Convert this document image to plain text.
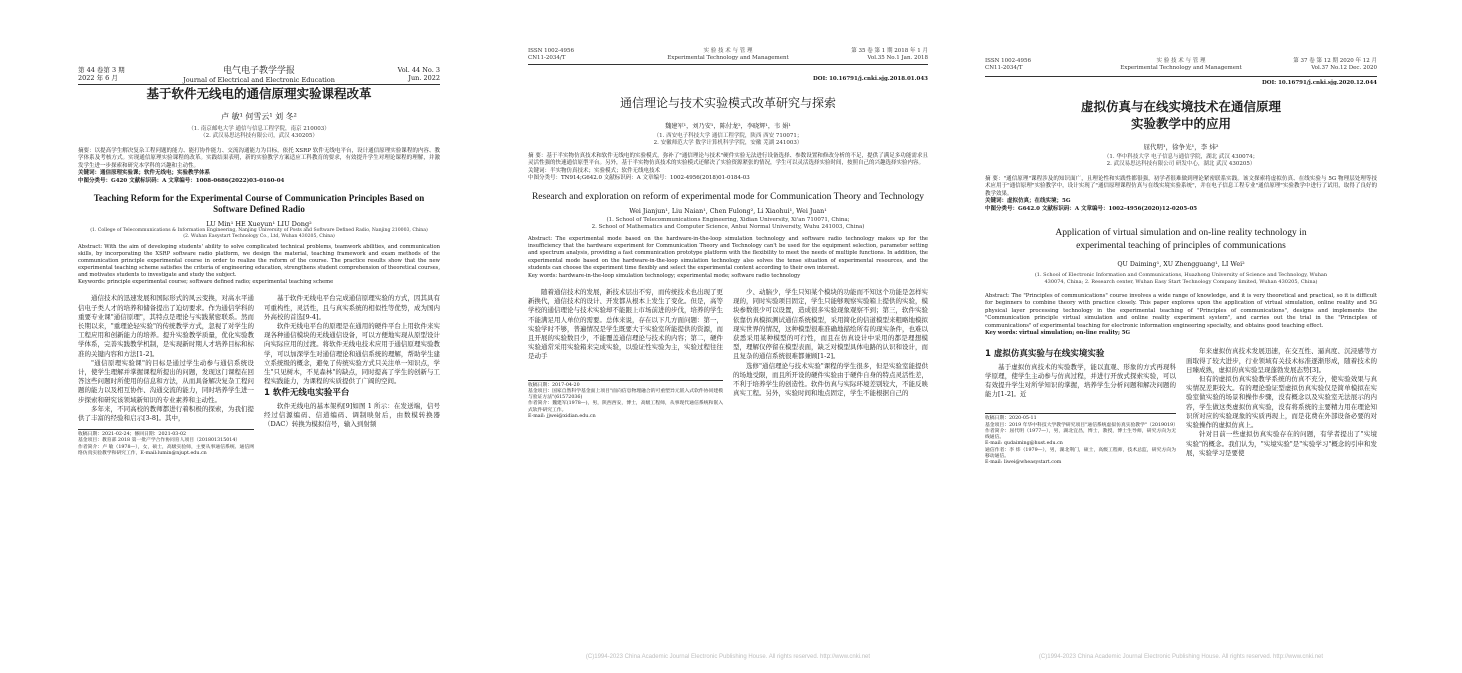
第 44 卷第 3 期
2022 年 6 月
电气电子教学学报
Journal of Electrical and Electronic Education
Vol. 44 No. 3
Jun. 2022
基于软件无线电的通信原理实验课程改革
卢 敏¹ 何雪云¹ 刘 冬²
（1. 南京邮电大学 通信与信息工程学院，南京 210003）
（2. 武汉易思达科技有限公司，武汉 430205）
摘要：以提高学生解决复杂工程问题的能力、能打协作能力、交流沟通能力为目标，依托 XSRP 软件无线电平台，设计通信原理实验课程的内容、教学体系及考核方式。实现通信原理实验课程的改革。实践结果表明，新的实验教学方案适应工科教育的要求，有效提升学生对理论课程的理解，并激发学生进一步探索和研究本学科的兴趣和主动性。
关键词：通信原理实验课；软件无线电；实验教学体系
中图分类号：G420 文献标识码：A 文章编号：1008-0686(2022)03-0160-04
Teaching Reform for the Experimental Course of Communication Principles Based on Software Defined Radio
LU Min¹ HE Xueyun¹ LIU Dong²
(1. College of Telecommunications & Information Engineering, Nanjing University of Posts and Software Defined Radio, Nanjing 210003, China)
(2. Wuhan Easystart Technology Co., Ltd, Wuhan 430205, China)
Abstract: With the aim of developing students' ability to solve complicated technical problems, teamwork abilities, and communication skills, by incorporating the XSRP software radio platform, we design the material, teaching framework and exam methods of the communication principle experimental course in order to realize the reform of the course. The practice results show that the new experimental teaching scheme satisfies the criteria of engineering education, strengthens student comprehension of theoretical courses, and motivates students to investigate and study the subject.
Keywords: principle experimental course; software defined radio; experimental teaching scheme

通信技术的迅速发展和国际形式的风云变换，对高水平通信电子类人才的培养和储备提出了迫切要求。作为通信学科的重要专业课"通信原理"，其特点是理论与实践紧密联系。然而长期以来，"重理论轻实验"的传统教学方式，忽视了对学生的工程应用和创新能力的培养。提升实验教学质量，优化实验教学体系，完善实践教学机制，是实现新时期人才培养目标和标准的关键内容和方法[1-2]。

"通信原理实验课"的目标是通过学生动参与通信系统设计，使学生理解并掌握课程所提出的问题，发现这门课程在回答这些问题时所使用的信息和方法，从而具备解决复杂工程问题的能力以及相互协作、沟通交流的能力，同时培养学生进一步探索和研究该领域新知识的专业素养和主动性。

多年来，不同高校的教师都进行着积极的探索，为我们提供了丰富的经验和启示[3-8]。其中，

收稿日期：2021-02-24；修回日期：2021-03-02
基金项目：教育部 2018 第一批产学合作协同育人项目（201801315014）
作者简介：卢 敏（1978—），女，硕士，高级实验师，主要从事通信系统、通信网络仿真实验教学和研究工作，E-mail:lumin@njupt.edu.cn

基于软件无线电平台完成通信原理实验的方式，因其具有可重构性，灵活性，且与真实系统的相似性等优势，成为国内外高校的首选[9-4]。

软件无线电平台的原理是在通用的硬件平台上用软件来实现各种通信模块的无线通信设备，可以方便地实现从原型设计向实际应用的过渡。将软件无线电技术应用于通信原理实验教学，可以加深学生对通信理论和通信系统的理解，帮助学生建立系统级的概念，避免了传统实验方式只关注单一知识点，学生"只见树木，不见森林"的缺点，同时提高了学生的创新与工程实践能力，为课程的实质提供了广阔的空间。

1 软件无线电实验平台

软件无线电的基本架构[9]如图 1 所示：在发送端，信号经过信源编码、信道编码、调制映射后，由数模转换器（DAC）转换为模拟信号，输入到射频

ISSN 1002-4956
CN11-2034/T
实 验 技 术 与 管 理
Experimental Technology and Management
第 35 卷 第 1 期 2018 年 1 月
Vol.35 No.1 Jan. 2018
DOI: 10.16791/j.cnki.sjg.2018.01.043
通信理论与技术实验模式改革研究与探索
魏建军¹，刘乃安¹，陈付龙²，李晓辉¹，韦 娟¹
（1. 西安电子科技大学 通信工程学院，陕西 西安 710071；
2. 安徽师范大学 数学计算机科学学院，安徽 芜湖 241003）
摘 要：基于半实物仿真技术和软件无线电的实验模式，弥补了"通信理论与技术"硬件实验无法进行设备选择、参数设置和修改分析的不足，提供了满足多功能需求且灵活性强的快速通信原型平台。另外，基于半实物仿真技术的实验模式还解决了实验资源紧张的情况，学生可以灵活选择实验时间，按照自己的兴趣选择实验内容。
关键词：半实物仿真技术；实验模式；软件无线电技术
中图分类号：TN914;G642.0 文献标识码：A 文章编号：1002-4956(2018)01-0184-03
Research and exploration on reform of experimental mode for Communication Theory and Technology
Wei Jianjun¹, Liu Naian¹, Chen Fulong², Li Xiaohui¹, Wei Juan¹
(1. School of Telecommunications Engineering, Xidian University, Xi'an 710071, China;
2. School of Mathematics and Computer Science, Anhui Normal University, Wuhu 241003, China)
Abstract: The experimental mode based on the hardware-in-the-loop simulation technology and software radio technology makes up for the insufficiency that the hardware experiment for Communication Theory and Technology can't be used for the equipment selection, parameter setting and spectrum analysis, providing a fast communication prototype platform with the flexibility to meet the needs of multiple functions. In addition, the experimental mode based on the hardware-in-the-loop simulation technology also solves the tense situation of experimental resources, and the students can choose the experiment time flexibly and select the experimental content according to their own interest.
Key words: hardware-in-the-loop simulation technology; experimental mode; software radio technology

随着通信技术的发展，新技术层出不穷，而传统技术也出现了更新换代，通信技术的设计、开发都从根本上发生了变化。但是，高等学校的通信理论与技术实验却不能跟上市场前进的步伐，培养的学生不能满足用人单位的需要。总体来说，存在以下几方面问题：第一，实验学时不够，普遍情况是学生既要大于实验室所能提供的资源，而且开展的实验数目少，不能覆盖通信理论与技术的内容；第二，硬件实验通常采用实验箱来完成实验，以验证性实验为主，实验过程往往是动手

收稿日期：2017-04-20
基金项目：国家自然科学基金面上项目"面向信息物理融合的可重塑异元嵌入式软件协同建模与验证方法"(61572036)
作者简介：魏建军(1978—)，男，陕西西安，博士，高级工程师，从事现代通信系统和嵌入式软件研究工作。
E-mail: jjwei@xidian.edu.cn

少、动脑少，学生只知某个模块的功能而不知这个功能是怎样实现的，同时实验项目固定，学生只能够观察实验箱上提供的实验，模块参数很少可以设置，造成很多实验现象观察不到；第三，软件实验依靠仿真模拟测试通信系统模型，采用简化的信道模型来粗略地模拟现实世界的情况，这种模型很难准确地描绘所有的现实条件，也难以获悉采用某种模型的可行性，而且在仿真设计中采用的都是理想模型，理解仅停留在模型表面，缺乏对模型具体电路的认识和设计，而且复杂的通信系统很难都兼顾[1-2]。

选修"通信理论与技术实验"课程的学生很多，但是实验室能提供的场地受限，而且所开设的硬件实验由于硬件自身的特点灵活性差，不利于培养学生的创造性。软件仿真与实际环境差别较大，不能反映真实工程。另外，实验时间和地点固定，学生不能根据自己的

(C)1994-2023 China Academic Journal Electronic Publishing House. All rights reserved. http://www.cnki.net
ISSN 1002-4956
CN11-2034/T
实 验 技 术 与 管 理
Experimental Technology and Management
第 37 卷 第 12 期 2020 年 12 月
Vol.37 No.12 Dec. 2020
DOI: 10.16791/j.cnki.sjg.2020.12.044
虚拟仿真与在线实境技术在通信原理
实验教学中的应用
屈代明¹，徐争光¹，李 炜²
（1. 华中科技大学 电子信息与通信学院，湖北 武汉 430074；
2. 武汉易思达科技有限公司 研发中心，湖北 武汉 430205）
摘 要："通信原理"课程涉及的知识面广，且理论性和实践性都很强，初学者很难做到理论紧密联系实践。该文探索将虚拟仿真、在线实验与 5G 物理层处理等技术应用于"通信原理"实验教学中，设计实现了"通信原理课程仿真与在线实境实验系统"，并在电子信息工程专业"通信原理"实验教学中进行了试用，取得了良好的教学效果。
关键词：虚拟仿真；在线实境；5G
中图分类号：G642.0 文献标识码：A 文章编号：1002-4956(2020)12-0205-05
Application of virtual simulation and on-line reality technology in
experimental teaching of principles of communications
QU Daiming¹, XU Zhengguang¹, LI Wei²
(1. School of Electronic Information and Communications, Huazhong University of Science and Technology, Wuhan
430074, China; 2. Research center, Wuhan Easy Start Technology Company limited, Wuhan 430205, China)
Abstract: The "Principles of communications" course involves a wide range of knowledge, and it is very theoretical and practical, so it is difficult for beginners to combine theory with practice closely. This paper explores upon the application of virtual simulation, online reality and 5G physical layer processing technology in the experimental teaching of "Principles of communications", designs and implements the "Communication principle virtual simulation and online reality experiment system", and carries out the trial in the "Principles of communications" of experimental teaching for electronic information engineering specialty, and obtains good teaching effect.
Key words: virtual simulation; on-line reality; 5G
1 虚拟仿真实验与在线实境实验

基于虚拟仿真技术的实验教学，能以直观、形象的方式再现科学原理，使学生主动参与仿真过程，并进行开放式探索实验，可以有效提升学生对所学知识的掌握，培养学生分析问题和解决问题的能力[1-2]。近

收稿日期：2020-05-11
基金项目：2019 年华中科技大学教学研究项目"通信系统虚拟仿真实验教学"（2019019）
作者简介：屈代明（1977—），男，湖北宜昌，博士，教授，博士生导师，研究方向为无线通信。
E-mail: qudaiming@hust.edu.cn
通信作者：李 炜（1979—），男，湖北荆门，硕士，高级工程师，技术总监，研究方向为移动通信。
E-mail: liwei@wheasystart.com

年来虚拟仿真技术发展迅速，在交互性、逼真度、沉浸感等方面取得了较大进步，行业领域有关技术标准逐渐形成，随着技术的日臻成熟，虚拟的真实验呈现蓬勃发展态势[3]。

但有的虚拟仿真实验教学系统的仿真不充分，使实验效果与真实情况差距较大。有的理论验证型虚拟仿真实验仅是简单模拟在实验室做实验的场景和操作步骤，没有概念以及实验室无法展示的内容，学生做这类虚拟仿真实验，没有将系统的主要精力用在理论知识所对应的实验现象的实质再现上，而是花费在外部设备必要的对实验操作的虚拟仿真上。

针对目前一些虚拟仿真实验存在的问题，有学者提出了"实境实验"的概念。我们认为，"实境实验"是"实验学习"概念的引申和发展，实验学习是要使

(C)1994-2023 China Academic Journal Electronic Publishing House. All rights reserved. http://www.cnki.net
